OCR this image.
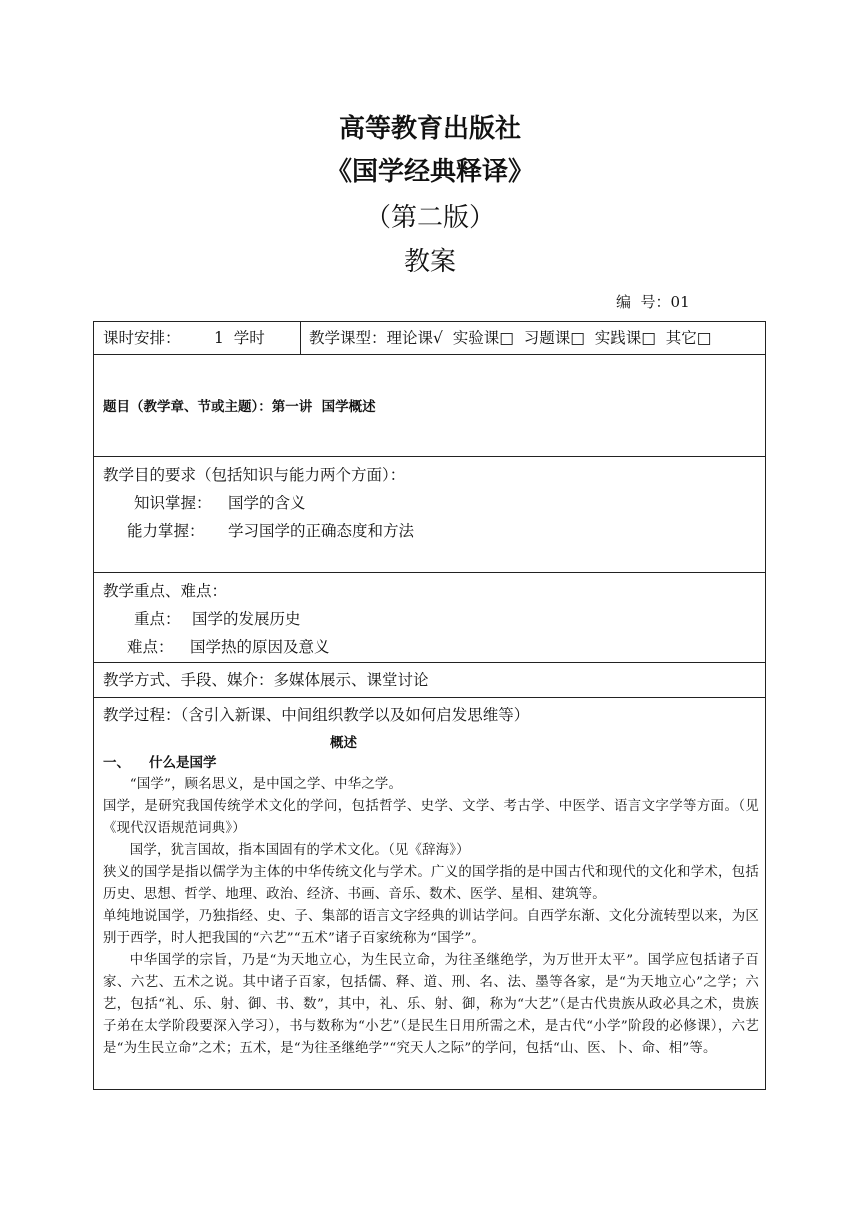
高等教育出版社
《国学经典释译》
（第二版）
教案
编  号：01
课时安排： 1  学时	教学课型：理论课√  实验课□  习题课□  实践课□  其它□
题目（教学章、节或主题）：第一讲  国学概述
教学目的要求（包括知识与能力两个方面）：
知识掌握： 国学的含义
能力掌握： 学习国学的正确态度和方法
教学重点、难点：
重点： 国学的发展历史
难点： 国学热的原因及意义
教学方式、手段、媒介：多媒体展示、课堂讨论
教学过程：（含引入新课、中间组织教学以及如何启发思维等）
概述
一、 什么是国学
“国学”，顾名思义，是中国之学、中华之学。
国学，是研究我国传统学术文化的学问，包括哲学、史学、文学、考古学、中医学、语言文字学等方面。（见《现代汉语规范词典》）
国学，犹言国故，指本国固有的学术文化。（见《辞海》）
狭义的国学是指以儒学为主体的中华传统文化与学术。广义的国学指的是中国古代和现代的文化和学术，包括历史、思想、哲学、地理、政治、经济、书画、音乐、数术、医学、星相、建筑等。
单纯地说国学，乃独指经、史、子、集部的语言文字经典的训诂学问。自西学东渐、文化分流转型以来，为区别于西学，时人把我国的“六艺”“五术”诸子百家统称为“国学”。
中华国学的宗旨，乃是“为天地立心，为生民立命，为往圣继绝学，为万世开太平”。国学应包括诸子百家、六艺、五术之说。其中诸子百家，包括儒、释、道、刑、名、法、墨等各家，是“为天地立心”之学；六艺，包括“礼、乐、射、御、书、数”，其中，礼、乐、射、御，称为“大艺”（是古代贵族从政必具之术，贵族子弟在太学阶段要深入学习），书与数称为“小艺”（是民生日用所需之术，是古代“小学”阶段的必修课），六艺是“为生民立命”之术；五术，是“为往圣继绝学”“究天人之际”的学问，包括“山、医、卜、命、相”等。
